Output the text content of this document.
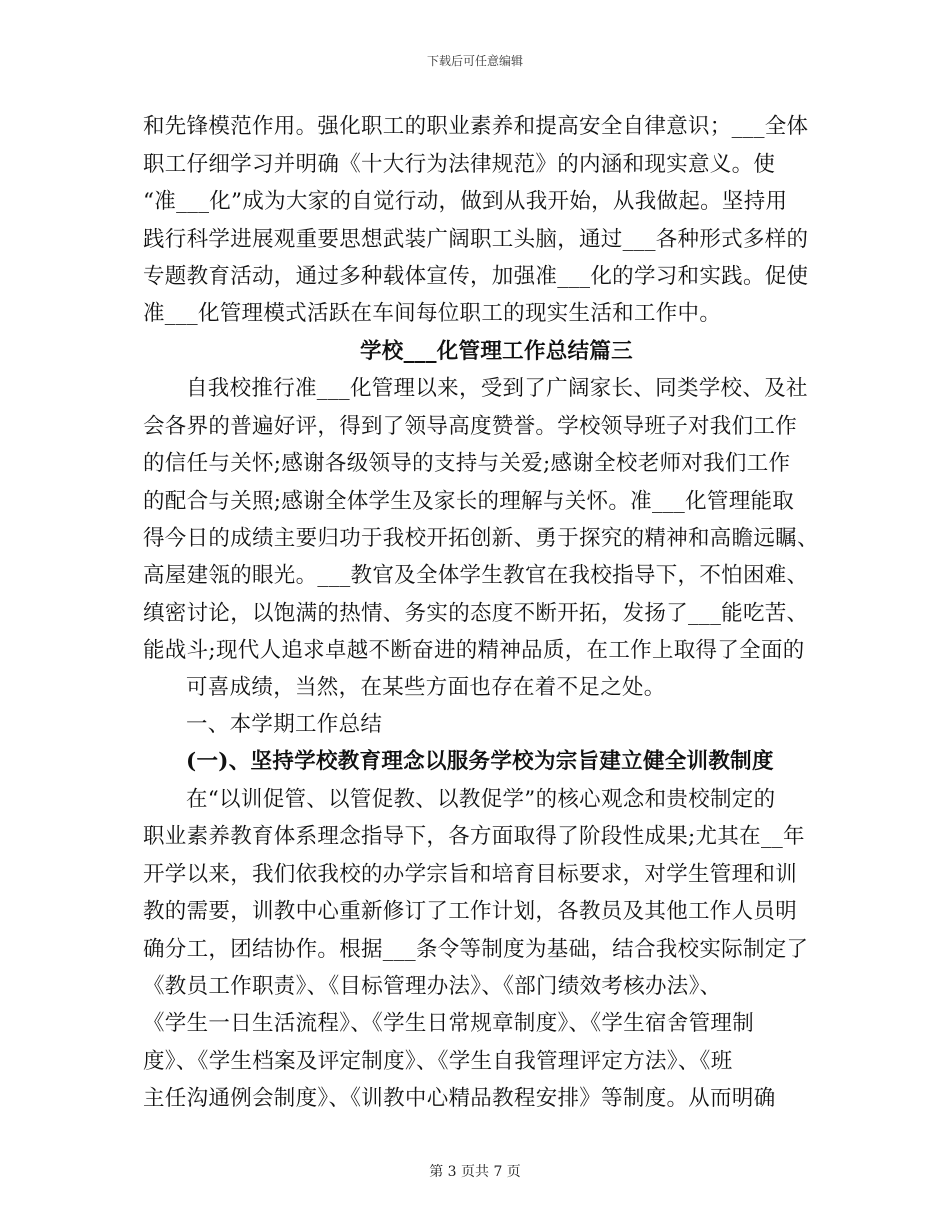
下载后可任意编辑
和先锋模范作用。强化职工的职业素养和提高安全自律意识；___全体
职工仔细学习并明确《十大行为法律规范》的内涵和现实意义。使
“准___化”成为大家的自觉行动，做到从我开始，从我做起。坚持用
践行科学进展观重要思想武装广阔职工头脑，通过___各种形式多样的
专题教育活动，通过多种载体宣传，加强准___化的学习和实践。促使
准___化管理模式活跃在车间每位职工的现实生活和工作中。
学校___化管理工作总结篇三
自我校推行准___化管理以来，受到了广阔家长、同类学校、及社
会各界的普遍好评，得到了领导高度赞誉。学校领导班子对我们工作
的信任与关怀;感谢各级领导的支持与关爱;感谢全校老师对我们工作
的配合与关照;感谢全体学生及家长的理解与关怀。准___化管理能取
得今日的成绩主要归功于我校开拓创新、勇于探究的精神和高瞻远瞩、
高屋建瓴的眼光。___教官及全体学生教官在我校指导下，不怕困难、
缜密讨论，以饱满的热情、务实的态度不断开拓，发扬了___能吃苦、
能战斗;现代人追求卓越不断奋进的精神品质，在工作上取得了全面的
可喜成绩，当然，在某些方面也存在着不足之处。
一、本学期工作总结
(一)、坚持学校教育理念以服务学校为宗旨建立健全训教制度
在“以训促管、以管促教、以教促学”的核心观念和贵校制定的
职业素养教育体系理念指导下，各方面取得了阶段性成果;尤其在__年
开学以来，我们依我校的办学宗旨和培育目标要求，对学生管理和训
教的需要，训教中心重新修订了工作计划，各教员及其他工作人员明
确分工，团结协作。根据___条令等制度为基础，结合我校实际制定了
《教员工作职责》、《目标管理办法》、《部门绩效考核办法》、
《学生一日生活流程》、《学生日常规章制度》、《学生宿舍管理制
度》、《学生档案及评定制度》、《学生自我管理评定方法》、《班
主任沟通例会制度》、《训教中心精品教程安排》等制度。从而明确
第 3 页共 7 页
